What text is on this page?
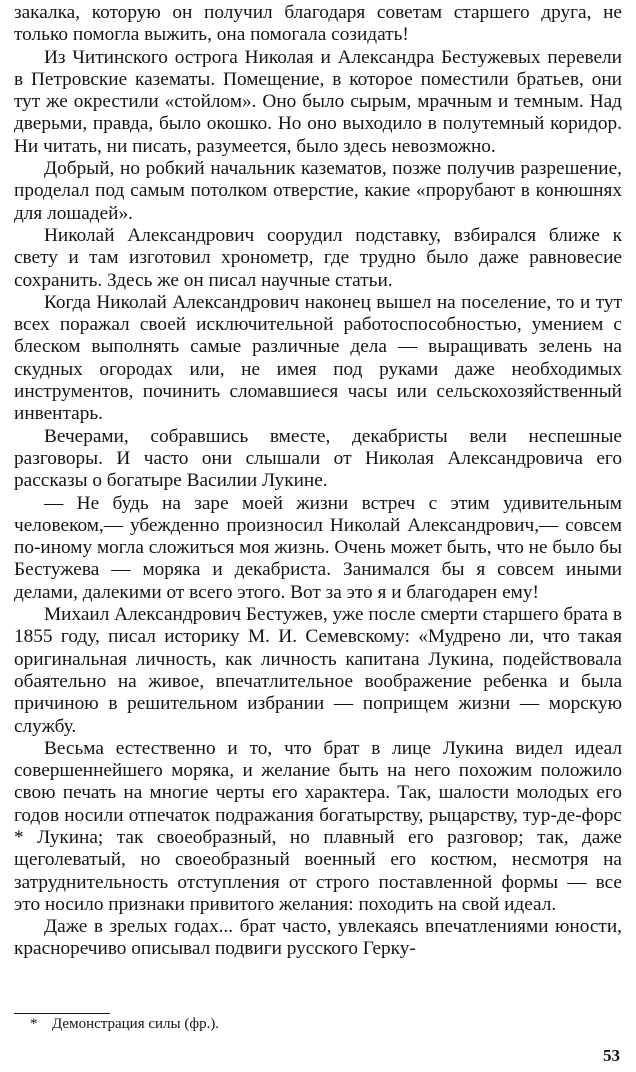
закалка, которую он получил благодаря советам старшего друга, не только помогла выжить, она помогала созидать!

Из Читинского острога Николая и Александра Бестужевых перевели в Петровские казематы. Помещение, в которое поместили братьев, они тут же окрестили «стойлом». Оно было сырым, мрачным и темным. Над дверьми, правда, было окошко. Но оно выходило в полутемный коридор. Ни читать, ни писать, разумеется, было здесь невозможно.

Добрый, но робкий начальник казематов, позже получив разрешение, проделал под самым потолком отверстие, какие «прорубают в конюшнях для лошадей».

Николай Александрович соорудил подставку, взбирался ближе к свету и там изготовил хронометр, где трудно было даже равновесие сохранить. Здесь же он писал научные статьи.

Когда Николай Александрович наконец вышел на поселение, то и тут всех поражал своей исключительной работоспособностью, умением с блеском выполнять самые различные дела — выращивать зелень на скудных огородах или, не имея под руками даже необходимых инструментов, починить сломавшиеся часы или сельскохозяйственный инвентарь.

Вечерами, собравшись вместе, декабристы вели неспешные разговоры. И часто они слышали от Николая Александровича его рассказы о богатыре Василии Лукине.

— Не будь на заре моей жизни встреч с этим удивительным человеком,— убежденно произносил Николай Александрович,— совсем по-иному могла сложиться моя жизнь. Очень может быть, что не было бы Бестужева — моряка и декабриста. Занимался бы я совсем иными делами, далекими от всего этого. Вот за это я и благодарен ему!

Михаил Александрович Бестужев, уже после смерти старшего брата в 1855 году, писал историку М. И. Семевскому: «Мудрено ли, что такая оригинальная личность, как личность капитана Лукина, подействовала обаятельно на живое, впечатлительное воображение ребенка и была причиною в решительном избрании — поприщем жизни — морскую службу.

Весьма естественно и то, что брат в лице Лукина видел идеал совершеннейшего моряка, и желание быть на него похожим положило свою печать на многие черты его характера. Так, шалости молодых его годов носили отпечаток подражания богатырству, рыцарству, тур-де-форс * Лукина; так своеобразный, но плавный его разговор; так, даже щеголеватый, но своеобразный военный его костюм, несмотря на затруднительность отступления от строго поставленной формы — все это носило признаки привитого желания: походить на свой идеал.

Даже в зрелых годах... брат часто, увлекаясь впечатлениями юности, красноречиво описывал подвиги русского Герку-

* Демонстрация силы (фр.).
53
